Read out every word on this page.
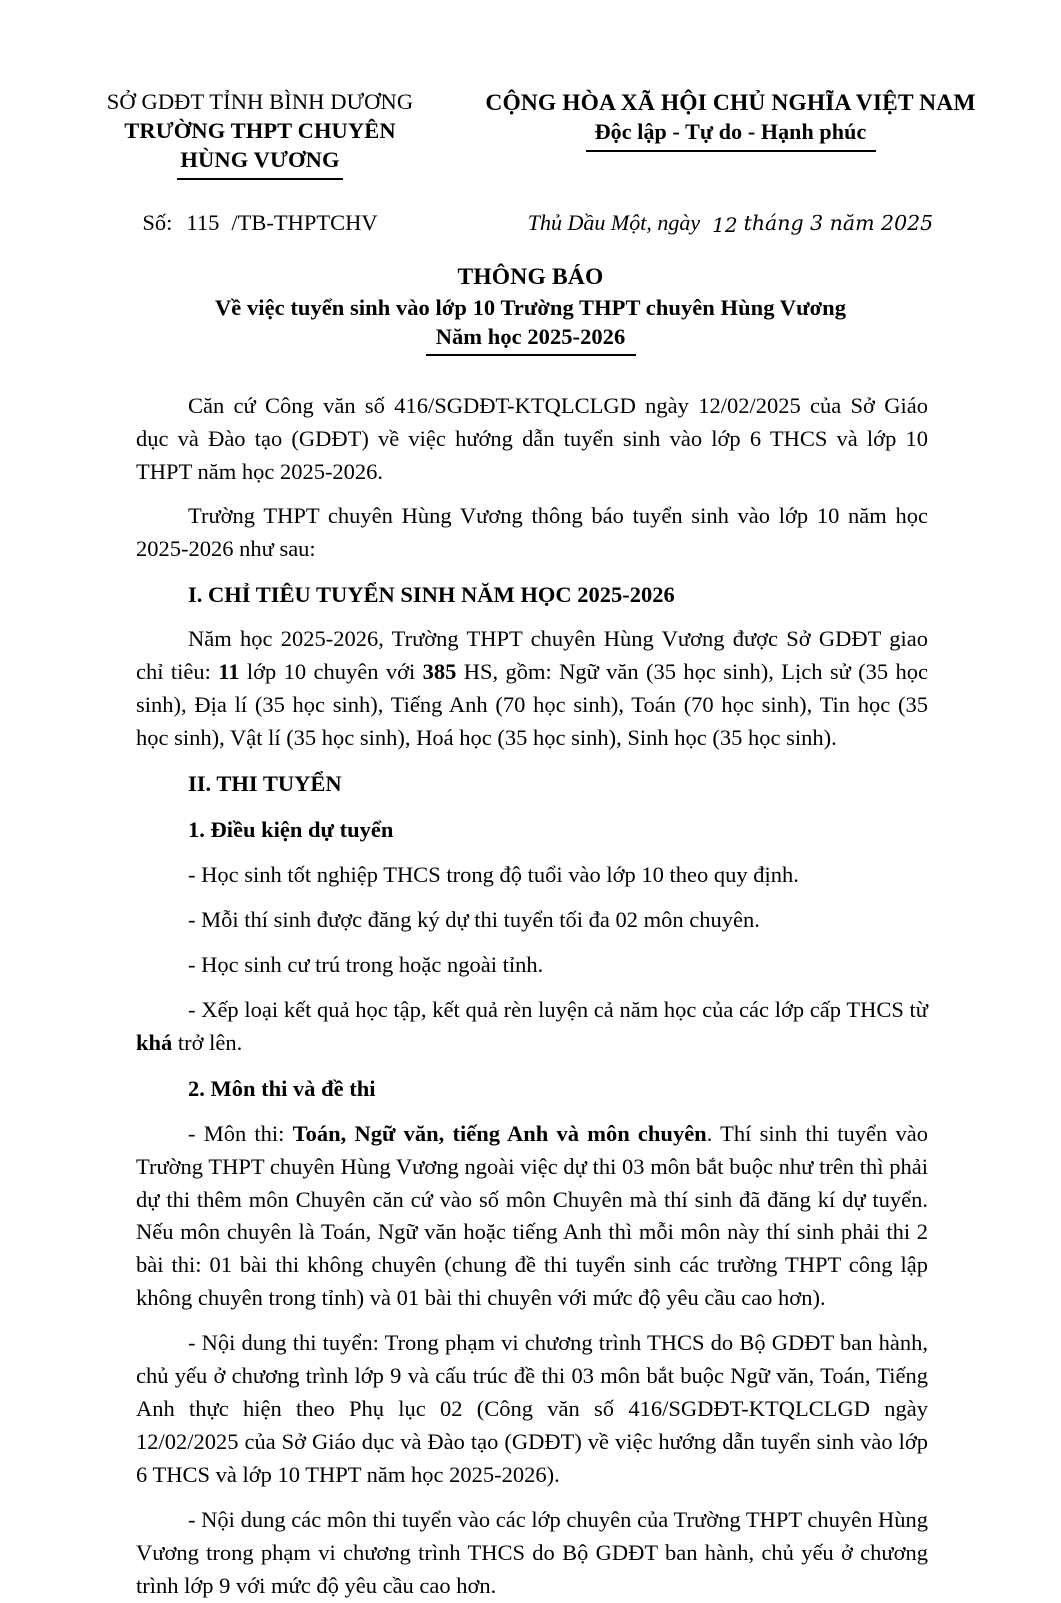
SỞ GDĐT TỈNH BÌNH DƯƠNG
TRƯỜNG THPT CHUYÊN
HÙNG VƯƠNG
CỘNG HÒA XÃ HỘI CHỦ NGHĨA VIỆT NAM
Độc lập - Tự do - Hạnh phúc
Số: 115 /TB-THPTCHV	Thủ Dầu Một, ngày 12 tháng 3 năm 2025
THÔNG BÁO
Về việc tuyển sinh vào lớp 10 Trường THPT chuyên Hùng Vương
Năm học 2025-2026

Căn cứ Công văn số 416/SGDĐT-KTQLCLGD ngày 12/02/2025 của Sở Giáo dục và Đào tạo (GDĐT) về việc hướng dẫn tuyển sinh vào lớp 6 THCS và lớp 10 THPT năm học 2025-2026.

Trường THPT chuyên Hùng Vương thông báo tuyển sinh vào lớp 10 năm học 2025-2026 như sau:

I. CHỈ TIÊU TUYỂN SINH NĂM HỌC 2025-2026

Năm học 2025-2026, Trường THPT chuyên Hùng Vương được Sở GDĐT giao chỉ tiêu: 11 lớp 10 chuyên với 385 HS, gồm: Ngữ văn (35 học sinh), Lịch sử (35 học sinh), Địa lí (35 học sinh), Tiếng Anh (70 học sinh), Toán (70 học sinh), Tin học (35 học sinh), Vật lí (35 học sinh), Hoá học (35 học sinh), Sinh học (35 học sinh).

II. THI TUYỂN

1. Điều kiện dự tuyển

- Học sinh tốt nghiệp THCS trong độ tuổi vào lớp 10 theo quy định.

- Mỗi thí sinh được đăng ký dự thi tuyển tối đa 02 môn chuyên.

- Học sinh cư trú trong hoặc ngoài tỉnh.

- Xếp loại kết quả học tập, kết quả rèn luyện cả năm học của các lớp cấp THCS từ khá trở lên.

2. Môn thi và đề thi

- Môn thi: Toán, Ngữ văn, tiếng Anh và môn chuyên. Thí sinh thi tuyển vào Trường THPT chuyên Hùng Vương ngoài việc dự thi 03 môn bắt buộc như trên thì phải dự thi thêm môn Chuyên căn cứ vào số môn Chuyên mà thí sinh đã đăng kí dự tuyển. Nếu môn chuyên là Toán, Ngữ văn hoặc tiếng Anh thì mỗi môn này thí sinh phải thi 2 bài thi: 01 bài thi không chuyên (chung đề thi tuyển sinh các trường THPT công lập không chuyên trong tỉnh) và 01 bài thi chuyên với mức độ yêu cầu cao hơn).

- Nội dung thi tuyển: Trong phạm vi chương trình THCS do Bộ GDĐT ban hành, chủ yếu ở chương trình lớp 9 và cấu trúc đề thi 03 môn bắt buộc Ngữ văn, Toán, Tiếng Anh thực hiện theo Phụ lục 02 (Công văn số 416/SGDĐT-KTQLCLGD ngày 12/02/2025 của Sở Giáo dục và Đào tạo (GDĐT) về việc hướng dẫn tuyển sinh vào lớp 6 THCS và lớp 10 THPT năm học 2025-2026).

- Nội dung các môn thi tuyển vào các lớp chuyên của Trường THPT chuyên Hùng Vương trong phạm vi chương trình THCS do Bộ GDĐT ban hành, chủ yếu ở chương trình lớp 9 với mức độ yêu cầu cao hơn.
